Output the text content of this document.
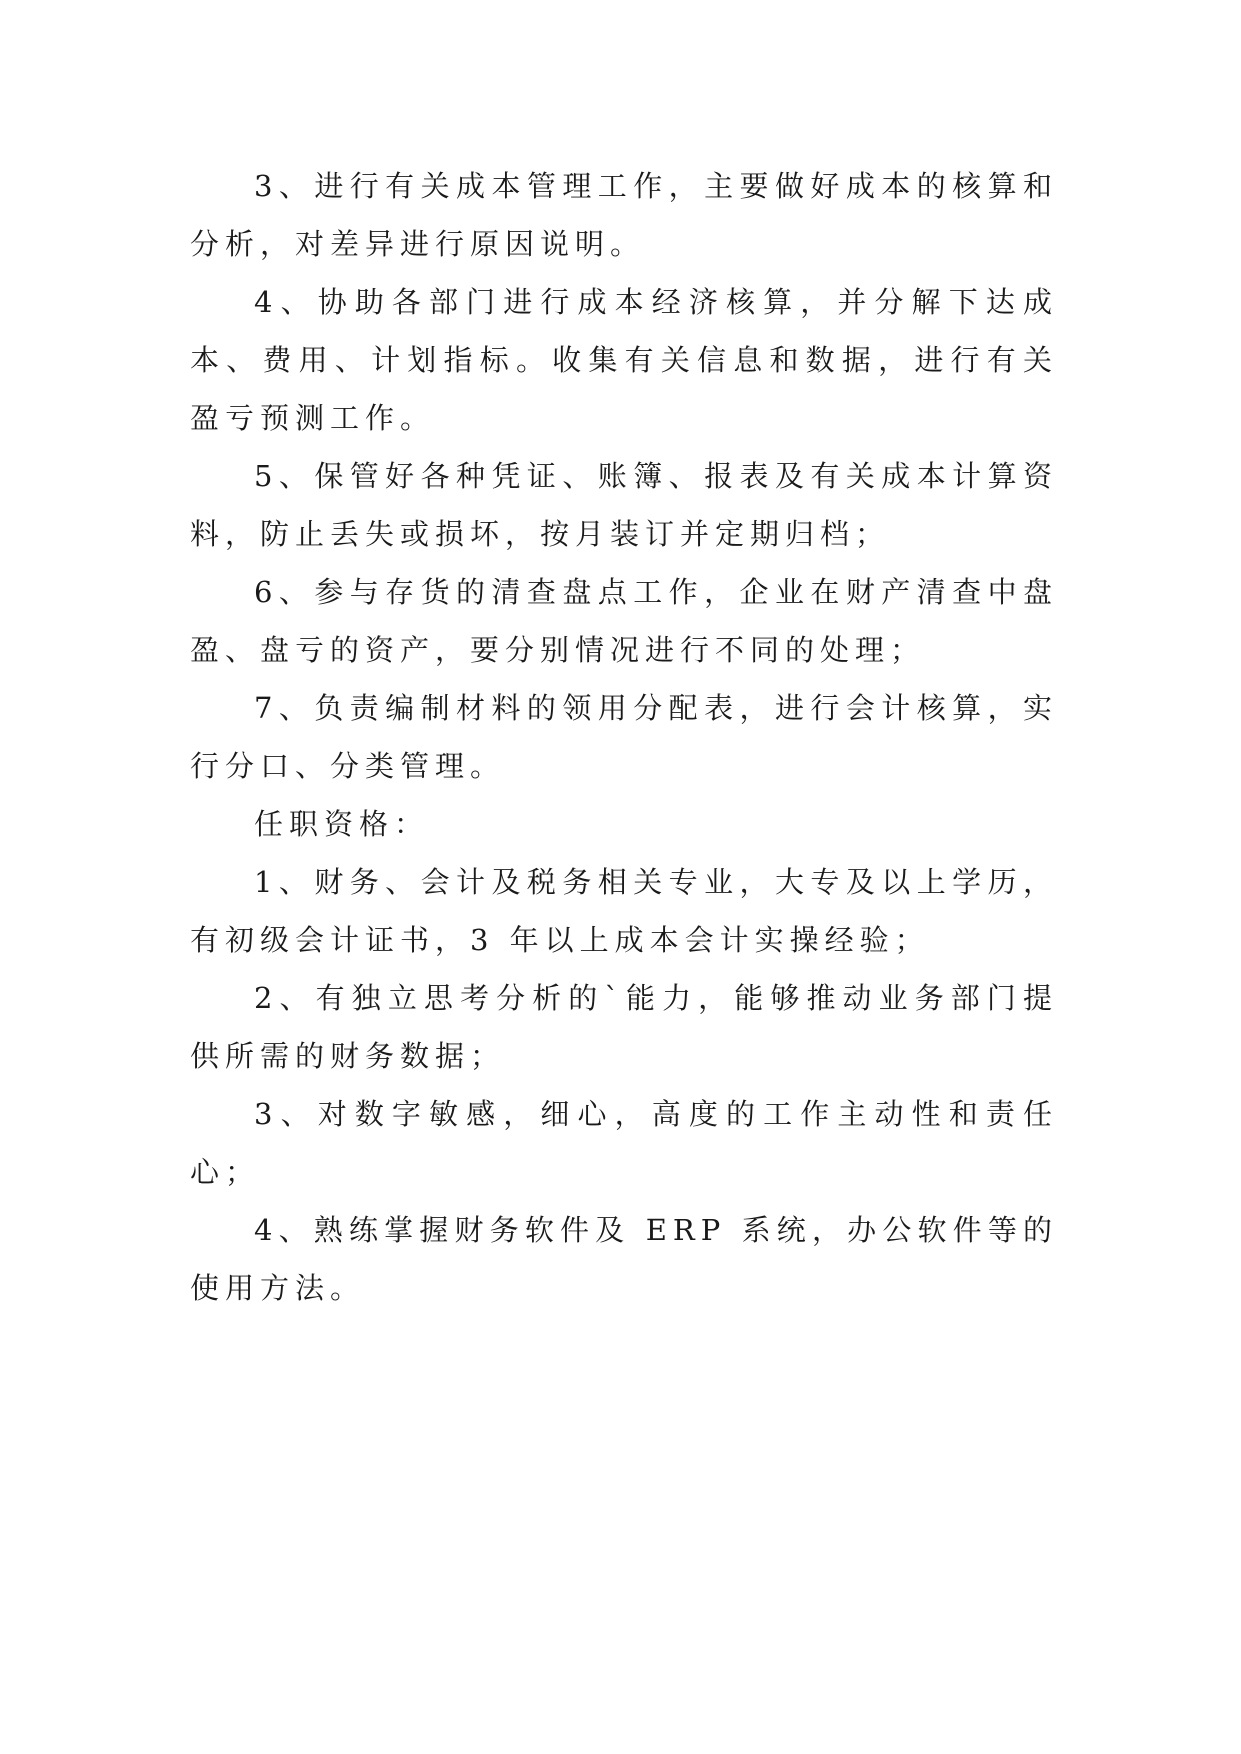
3、进行有关成本管理工作，主要做好成本的核算和分析，对差异进行原因说明。

4、协助各部门进行成本经济核算，并分解下达成本、费用、计划指标。收集有关信息和数据，进行有关盈亏预测工作。

5、保管好各种凭证、账簿、报表及有关成本计算资料，防止丢失或损坏，按月装订并定期归档；

6、参与存货的清查盘点工作，企业在财产清查中盘盈、盘亏的资产，要分别情况进行不同的处理；

7、负责编制材料的领用分配表，进行会计核算，实行分口、分类管理。

任职资格：

1、财务、会计及税务相关专业，大专及以上学历，有初级会计证书，3 年以上成本会计实操经验；

2、有独立思考分析的`能力，能够推动业务部门提供所需的财务数据；

3、对数字敏感，细心，高度的工作主动性和责任心；

4、熟练掌握财务软件及 ERP 系统，办公软件等的使用方法。
